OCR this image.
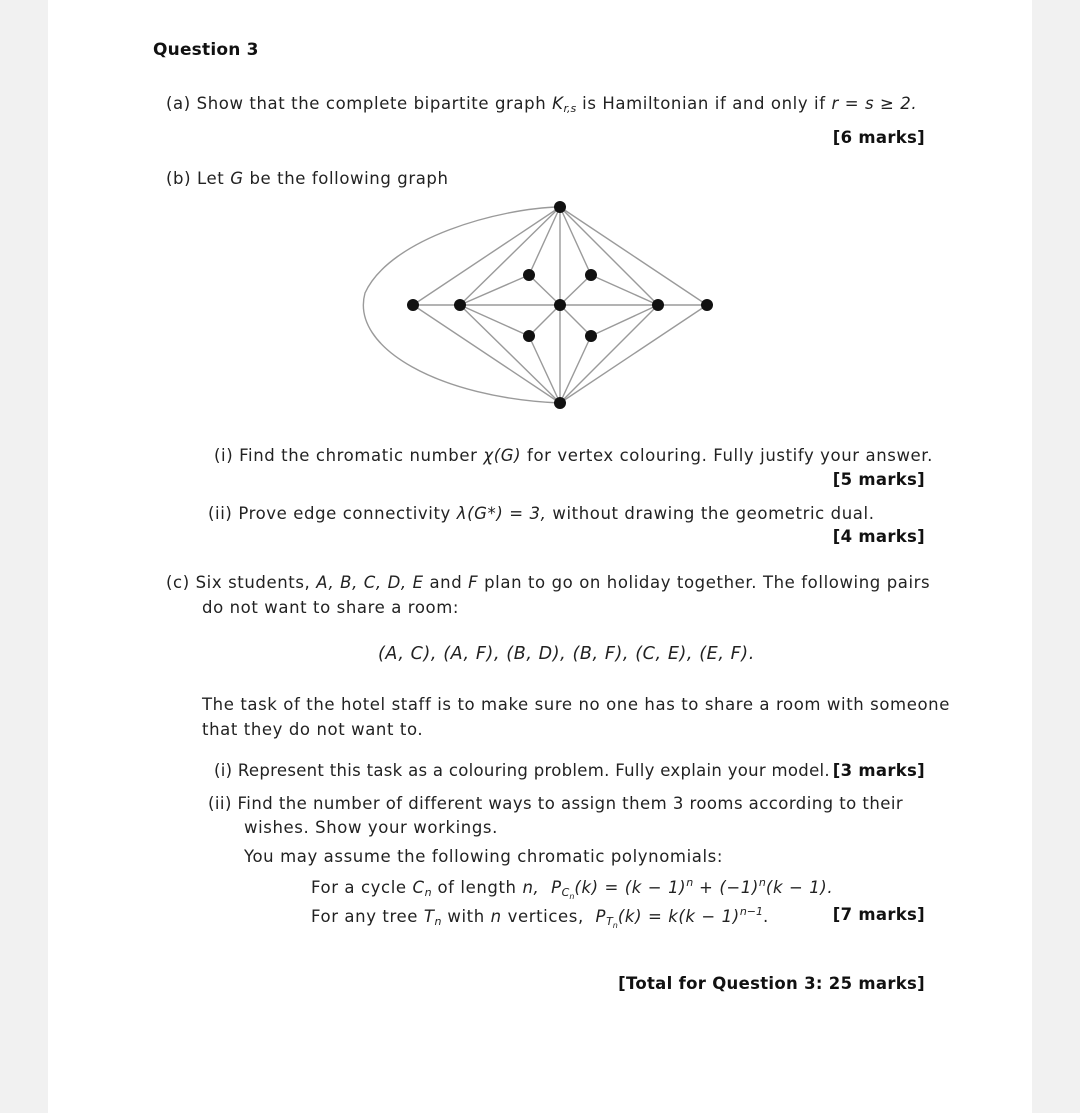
Question 3
(a) Show that the complete bipartite graph $K_{r,s}$ is Hamiltonian if and only if r = s ≥ 2.
[6 marks]
(b) Let G be the following graph
(i) Find the chromatic number χ(G) for vertex colouring. Fully justify your answer.
[5 marks]
(ii) Prove edge connectivity λ(G*) = 3, without drawing the geometric dual.
[4 marks]
(c) Six students, A, B, C, D, E and F plan to go on holiday together. The following pairs
do not want to share a room:
(A, C), (A, F), (B, D), (B, F), (C, E), (E, F).
The task of the hotel staff is to make sure no one has to share a room with someone
that they do not want to.
(i) Represent this task as a colouring problem. Fully explain your model. [3 marks]
(ii) Find the number of different ways to assign them 3 rooms according to their
wishes. Show your workings.
You may assume the following chromatic polynomials:
For a cycle $C_n$ of length n, $P_{Cn}(k) = (k - 1)^n + (-1)^n(k - 1)$.
For any tree $T_n$ with n vertices, $P_{Tn}(k) = k(k - 1)^{n-1}$.	[7 marks]
[Total for Question 3: 25 marks]
